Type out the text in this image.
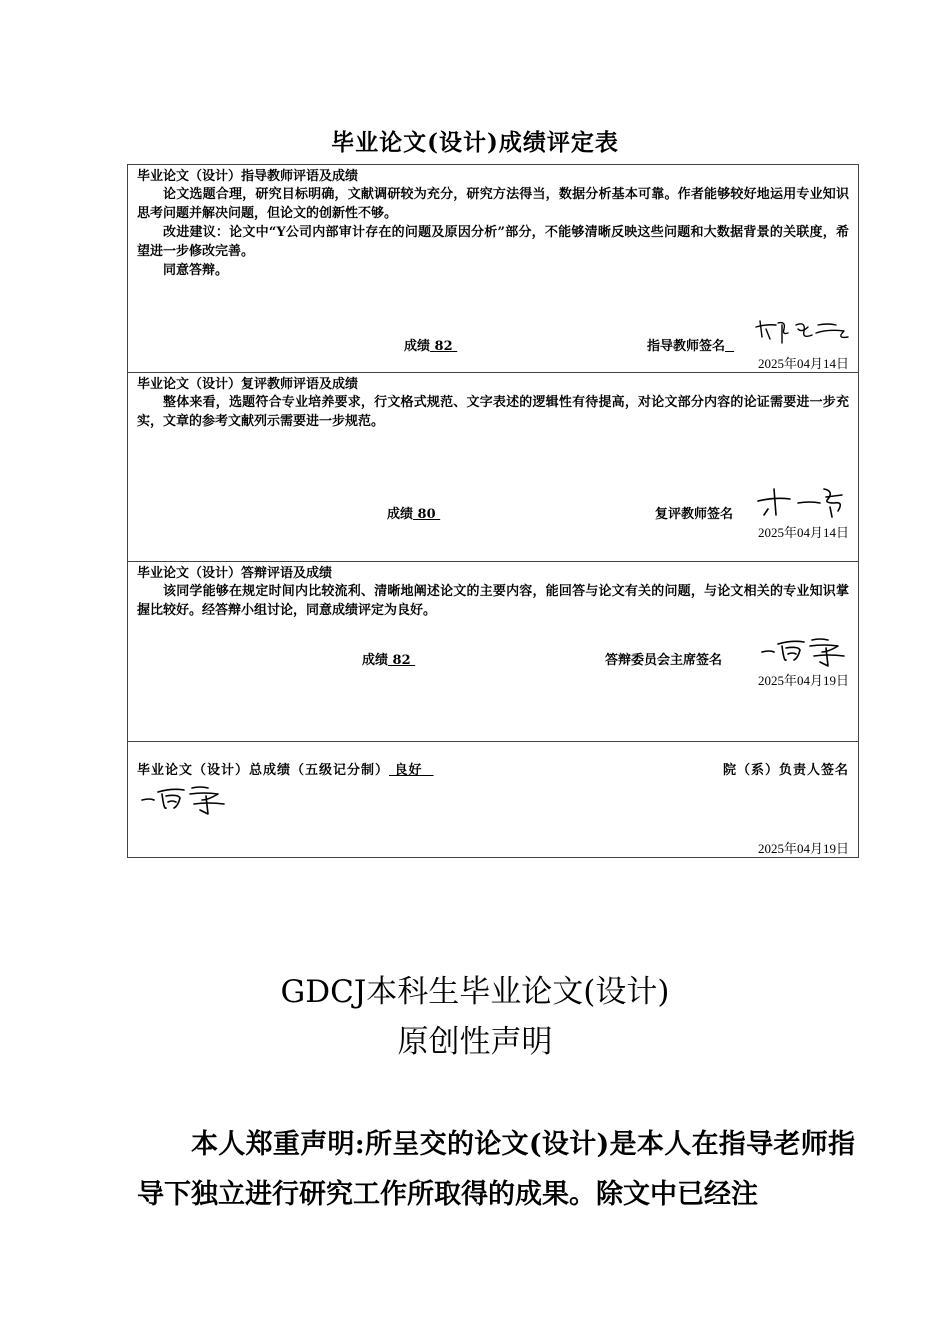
毕业论文(设计)成绩评定表
毕业论文（设计）指导教师评语及成绩

论文选题合理，研究目标明确，文献调研较为充分，研究方法得当，数据分析基本可靠。作者能够较好地运用专业知识思考问题并解决问题，但论文的创新性不够。

改进建议：论文中“Y公司内部审计存在的问题及原因分析”部分，不能够清晰反映这些问题和大数据背景的关联度，希望进一步修改完善。

同意答辩。

成绩 82	指导教师签名
2025年04月14日
毕业论文（设计）复评教师评语及成绩

整体来看，选题符合专业培养要求，行文格式规范、文字表述的逻辑性有待提高，对论文部分内容的论证需要进一步充实，文章的参考文献列示需要进一步规范。

成绩 80	复评教师签名
2025年04月14日
毕业论文（设计）答辩评语及成绩

该同学能够在规定时间内比较流利、清晰地阐述论文的主要内容，能回答与论文有关的问题，与论文相关的专业知识掌握比较好。经答辩小组讨论，同意成绩评定为良好。

成绩 82	答辩委员会主席签名
2025年04月19日
毕业论文（设计）总成绩（五级记分制） 良好	院（系）负责人签名
2025年04月19日
GDCJ本科生毕业论文(设计)
原创性声明

本人郑重声明:所呈交的论文(设计)是本人在指导老师指导下独立进行研究工作所取得的成果。除文中已经注
